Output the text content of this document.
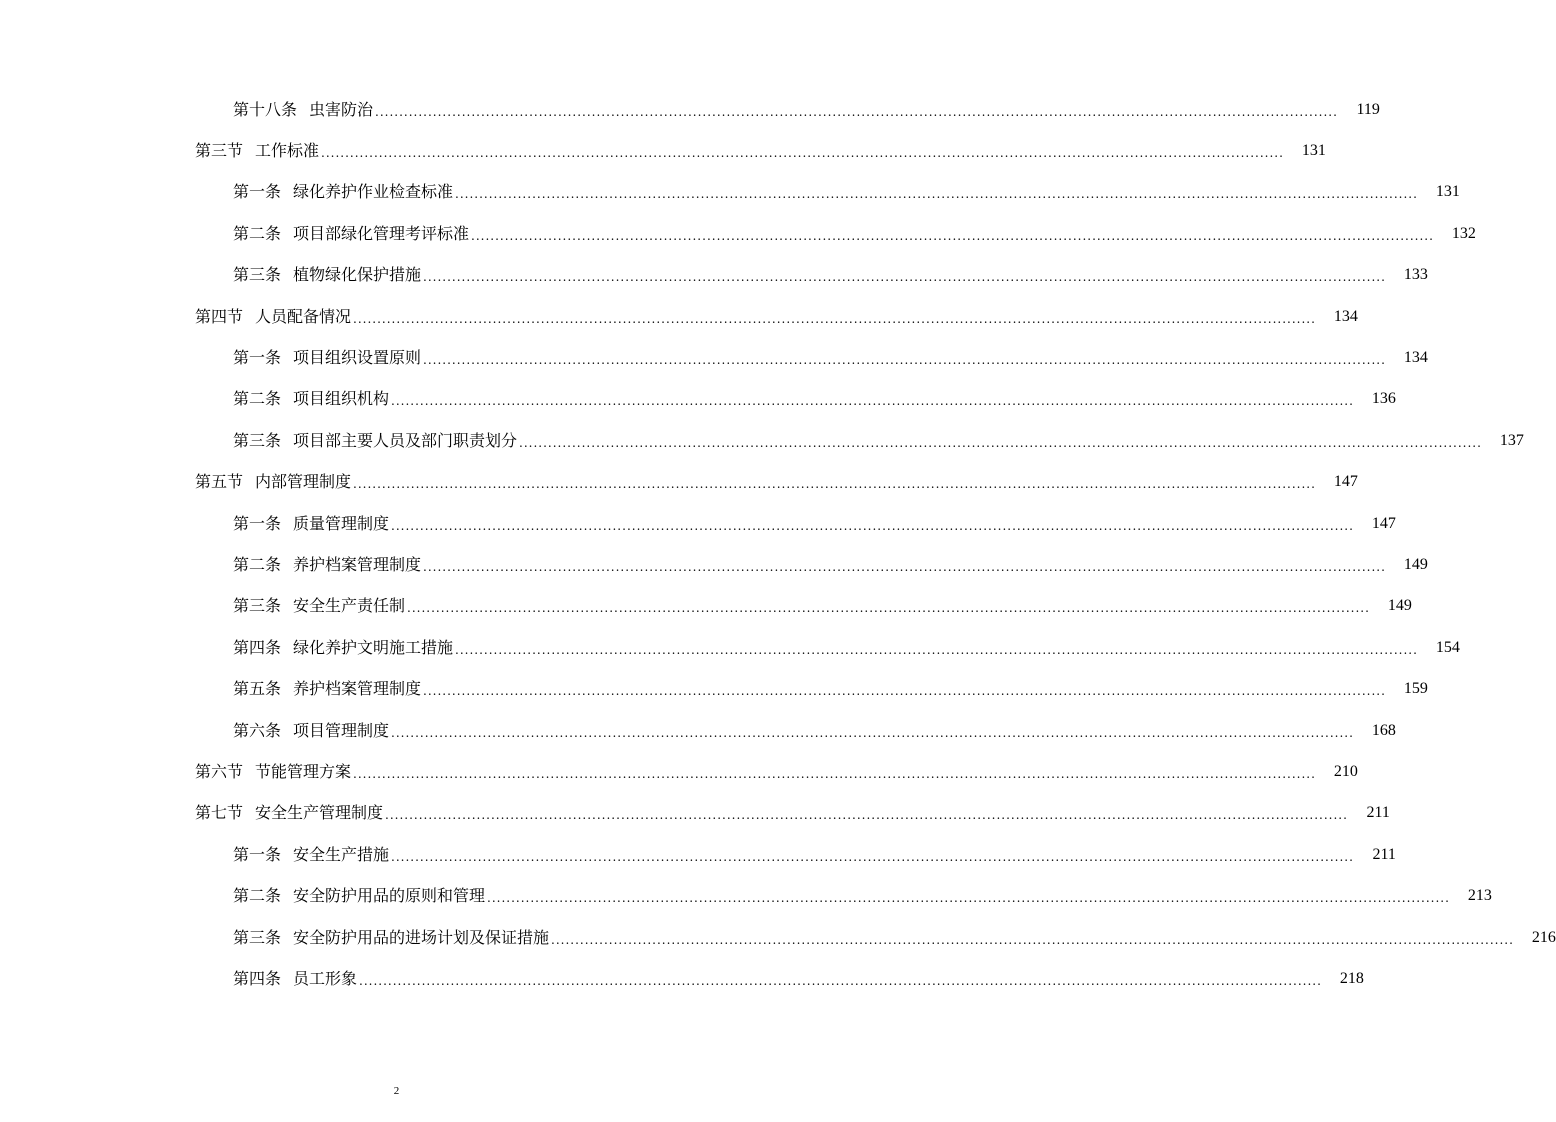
第十八条 虫害防治 ........................................................................................................................................................................................................	119
第三节 工作标准 ........................................................................................................................................................................................................	131
第一条 绿化养护作业检查标准 ........................................................................................................................................................................................................	131
第二条 项目部绿化管理考评标准 ........................................................................................................................................................................................................	132
第三条 植物绿化保护措施 ........................................................................................................................................................................................................	133
第四节 人员配备情况 ........................................................................................................................................................................................................	134
第一条 项目组织设置原则 ........................................................................................................................................................................................................	134
第二条 项目组织机构 ........................................................................................................................................................................................................	136
第三条 项目部主要人员及部门职责划分 ........................................................................................................................................................................................................	137
第五节 内部管理制度 ........................................................................................................................................................................................................	147
第一条 质量管理制度 ........................................................................................................................................................................................................	147
第二条 养护档案管理制度 ........................................................................................................................................................................................................	149
第三条 安全生产责任制 ........................................................................................................................................................................................................	149
第四条 绿化养护文明施工措施 ........................................................................................................................................................................................................	154
第五条 养护档案管理制度 ........................................................................................................................................................................................................	159
第六条 项目管理制度 ........................................................................................................................................................................................................	168
第六节 节能管理方案 ........................................................................................................................................................................................................	210
第七节 安全生产管理制度 ........................................................................................................................................................................................................	211
第一条 安全生产措施 ........................................................................................................................................................................................................	211
第二条 安全防护用品的原则和管理 ........................................................................................................................................................................................................	213
第三条 安全防护用品的进场计划及保证措施 ........................................................................................................................................................................................................	216
第四条 员工形象 ........................................................................................................................................................................................................	218
2
